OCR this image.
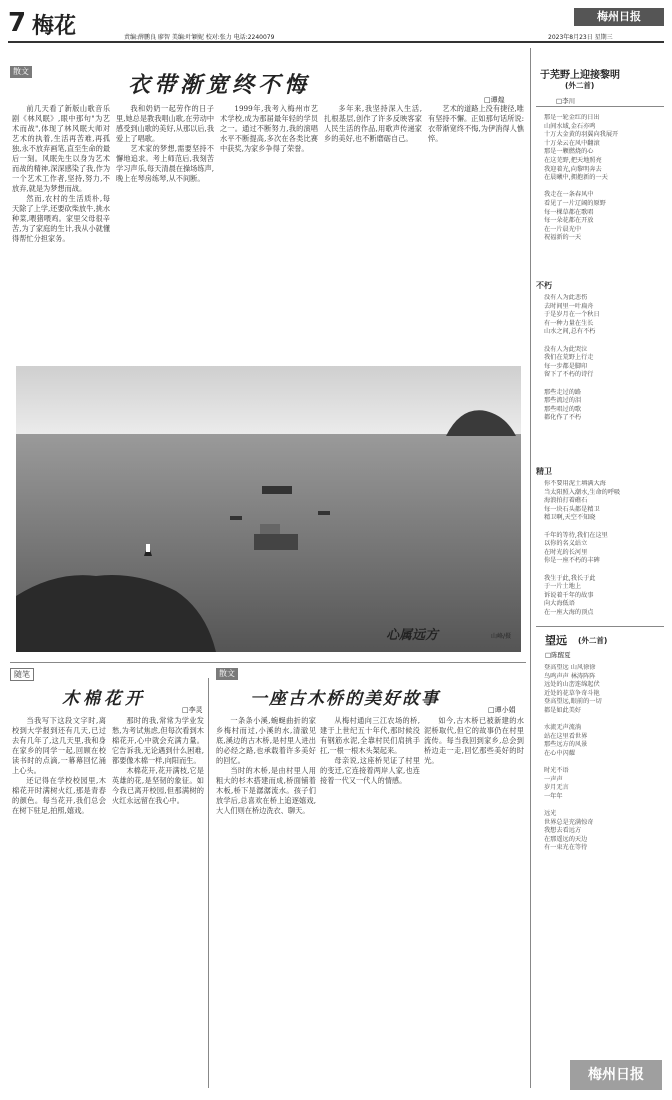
7 梅花	责编:薛鹏良 廖智 美编:叶颖妮 校对:张力 电话:2240079
梅州日报
2023年8月23日 星期三
散文
衣带渐宽终不悔
□谭煌

前几天看了新版山歌音乐剧《林风眠》,眼中那句"为艺术而战",体现了林风眠大师对艺术的执着,生活再苦难,再孤独,永不放弃画笔,直至生命的最后一刻。风眠先生以身为艺术而战的精神,深深感染了我,作为一个艺术工作者,坚持,努力,不放弃,就是为梦想而战。

然而,农村的生活质朴,每天除了上学,还要砍柴放牛,挑水种菜,喂猪喂鸡。家里父母很辛苦,为了家庭的生计,我从小就懂得帮忙分担家务。

我和奶奶一起劳作的日子里,她总是教我唱山歌,在劳动中感受到山歌的美好,从那以后,我爱上了唱歌。

艺术家的梦想,需要坚持不懈地追求。考上师范后,我刻苦学习声乐,每天清晨在操场练声,晚上在琴房练琴,从不间断。

1999年,我考入梅州市艺术学校,成为那届最年轻的学员之一。通过不断努力,我的演唱水平不断提高,多次在各类比赛中获奖,为家乡争得了荣誉。

多年来,我坚持深入生活,扎根基层,创作了许多反映客家人民生活的作品,用歌声传递家乡的美好,也不断磨砺自己。

艺术的道路上没有捷径,唯有坚持不懈。正如那句话所说:衣带渐宽终不悔,为伊消得人憔悴。

心属远方	山峰/摄
随笔
木棉花开
□李灵

当我写下这段文字时,离校到大学报到还有几天,已过去有几年了,这几天里,我和身在家乡的同学一起,回顾在校读书时的点滴,一幕幕回忆涌上心头。

还记得在学校校园里,木棉花开时满树火红,那是青春的颜色。每当花开,我们总会在树下驻足,拍照,嬉戏。

那时的我,常常为学业发愁,为考试焦虑,但每次看到木棉花开,心中就会充满力量。它告诉我,无论遇到什么困难,都要像木棉一样,向阳而生。

木棉花开,花开满枝,它是英雄的花,是坚韧的象征。如今我已离开校园,但那满树的火红永远留在我心中。

散文
一座古木桥的美好故事
□谭小娟

一条条小溪,蜿蜒曲折的家乡梅村而过,小溪的水,清澈见底,溪边的古木桥,是村里人进出的必经之路,也承载着许多美好的回忆。

当时的木桥,是由村里人用粗大的杉木搭建而成,桥面铺着木板,桥下是潺潺流水。孩子们放学后,总喜欢在桥上追逐嬉戏,大人们则在桥边洗衣、聊天。

从梅村通向三江农场的桥,建于上世纪五十年代,那时候没有钢筋水泥,全靠村民们肩挑手扛,一根一根木头架起来。

母亲说,这座桥见证了村里的变迁,它连接着两岸人家,也连接着一代又一代人的情感。

如今,古木桥已被新建的水泥桥取代,但它的故事仍在村里流传。每当我回到家乡,总会到桥边走一走,回忆那些美好的时光。

于芜野上迎接黎明
(外二首)
□李川
那是一轮金红的日出
山间水域,金石亦鸣
十万大金黄的羽翼向我展开
十万朵云在风中翻滚
那是一颗燃烧的心
在这芜野,把天地照亮
我迎着光,向黎明奔去
在晨曦中,拥抱新的一天

我走在一条春风中
看见了一片辽阔的原野
每一棵草都在歌唱
每一朵花都在开放
在一片晨光中
祝福新的一天
不朽
没有人为此悲伤
去时间里一叶扁舟
于是岁月在一个秋日
有一种力量在生长
山水之间,总有不朽

没有人为此哭泣
我们在荒野上行走
每一步都是脚印
留下了不朽的诗行

那些走过的路
那些流过的泪
那些唱过的歌
都化作了不朽
精卫
你不要用泥土填满大海
当太阳照入潮水,生命的呼吸
海浪拍打着礁石
每一块石头都是精卫
精卫啊,天空不知晓

千年的等待,我们在这里
以你的名义站立
在时光的长河里
你是一座不朽的丰碑

我生于此,我长于此
于一片土地上
诉说着千年的故事
向大海低语
在一座大海的顶点
望远 (外二首)
□陈醒夏
登高望远 山风徐徐
鸟鸣声声 林涛阵阵
远处的山峦连绵起伏
近处的花草争奇斗艳
登高望远,眼前的一切
都是如此美好

水流无声流淌
站在这里看世界
那些远方的风景
在心中闪耀

时光不语
一声声
岁月无言
一年年

远光
世界总是充满惊奇
我想去看远方
在那遥远的天边
有一束光在等待
梅州日报
